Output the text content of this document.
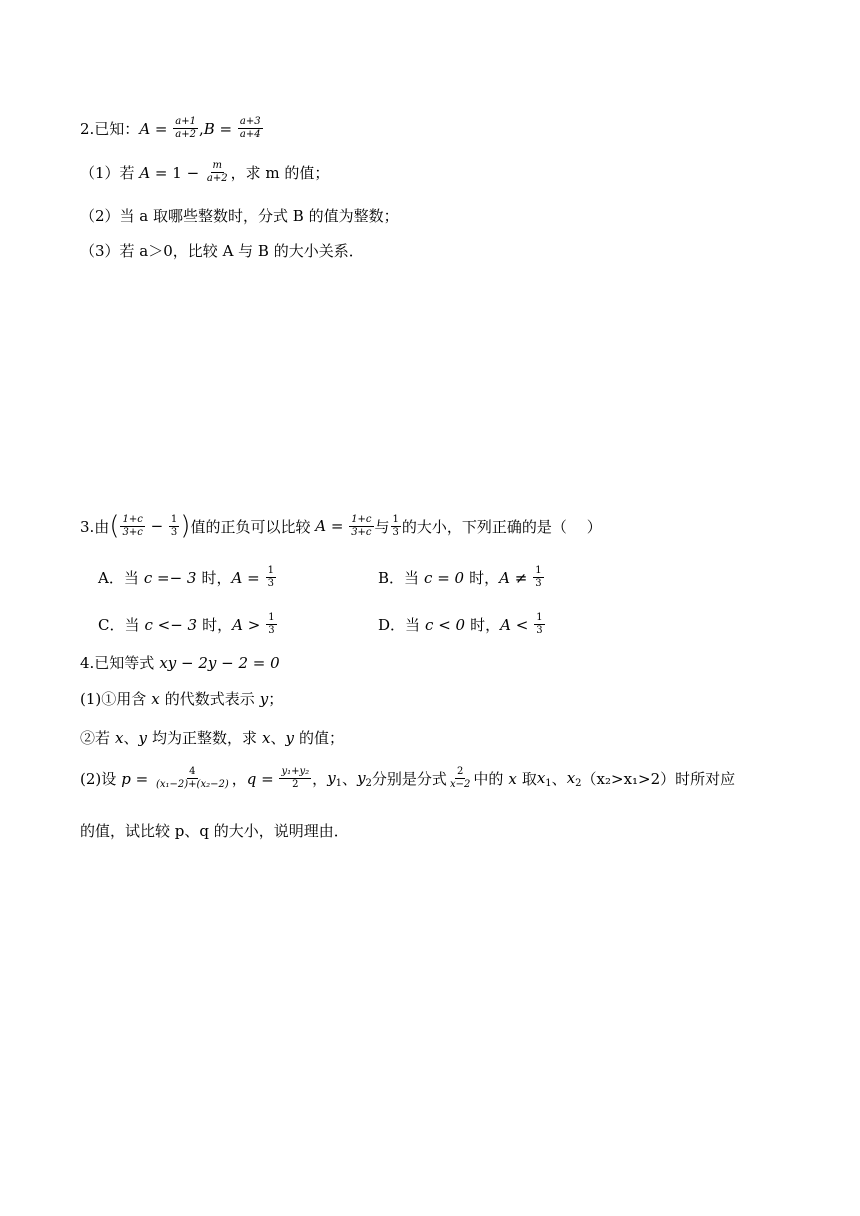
2.已知： $A = \frac{a+1}{a+2}$ , $B = \frac{a+3}{a+4}$
（1）若 $A = 1 - \frac{m}{a+2}$ ，求 m 的值；
（2）当 a 取哪些整数时，分式 B 的值为整数；
（3）若 a＞0，比较 A 与 B 的大小关系．
3.由 ( $\frac{1+c}{3+c} - \frac{1}{3}$ ) 值的正负可以比较 $A = \frac{1+c}{3+c}$ 与 $\frac{1}{3}$ 的大小，下列正确的是（　 ）
A．当 c =− 3 时， $A = \frac{1}{3}$	B．当 c = 0 时， $A \ne \frac{1}{3}$
C．当 c <− 3 时， $A > \frac{1}{3}$	D．当 c < 0 时， $A < \frac{1}{3}$
4.已知等式 xy − 2y − 2 = 0
(1)①用含 x 的代数式表示 y ；
②若 x 、 y 均为正整数，求 x 、 y 的值；
(2)设 $p = \frac{4}{\text{(x₁−2)+(x₂−2)}}$ ， $q = \frac{\text{y₁+y₂}}{2}$ ， $y_1$ 、 $y_2$ 分别是分式 $\frac{2}{x-2}$ 中的 x 取 $x_1$ 、 $x_2$ （x₂>x₁>2）时所对应
的值，试比较 p、q 的大小，说明理由．
